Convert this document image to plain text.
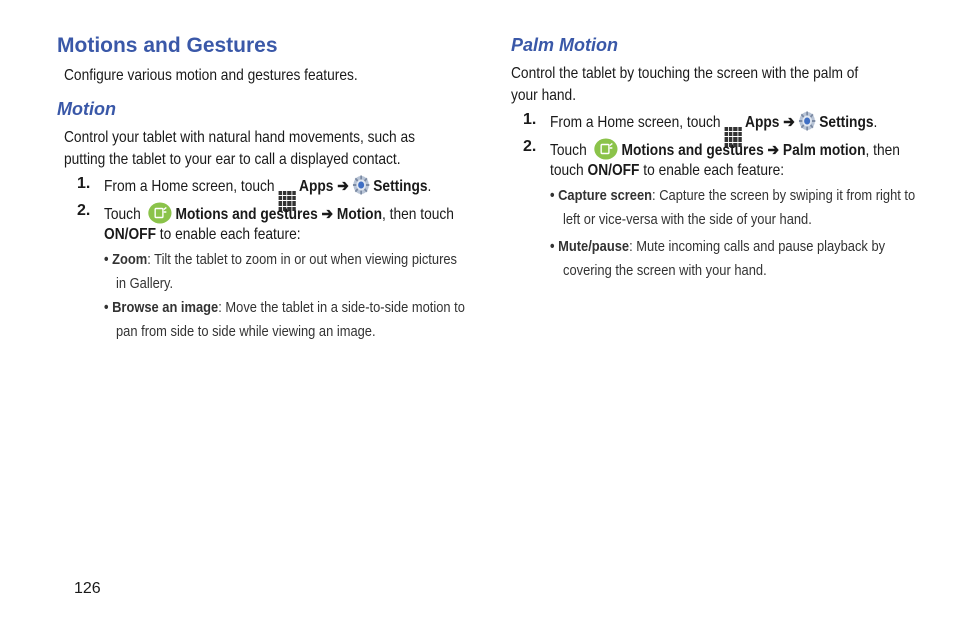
Motions and Gestures
Configure various motion and gestures features.
Motion
Control your tablet with natural hand movements, such as
putting the tablet to your ear to call a displayed contact.
1. From a Home screen, touch Apps ➔ Settings.
2. Touch Motions and gestures ➔ Motion, then touch
ON/OFF to enable each feature:
• Zoom: Tilt the tablet to zoom in or out when viewing pictures
in Gallery.
• Browse an image: Move the tablet in a side-to-side motion to
pan from side to side while viewing an image.
Palm Motion
Control the tablet by touching the screen with the palm of
your hand.
1. From a Home screen, touch Apps ➔ Settings.
2. Touch Motions and gestures ➔ Palm motion, then
touch ON/OFF to enable each feature:
• Capture screen: Capture the screen by swiping it from right to
left or vice-versa with the side of your hand.
• Mute/pause: Mute incoming calls and pause playback by
covering the screen with your hand.
126
